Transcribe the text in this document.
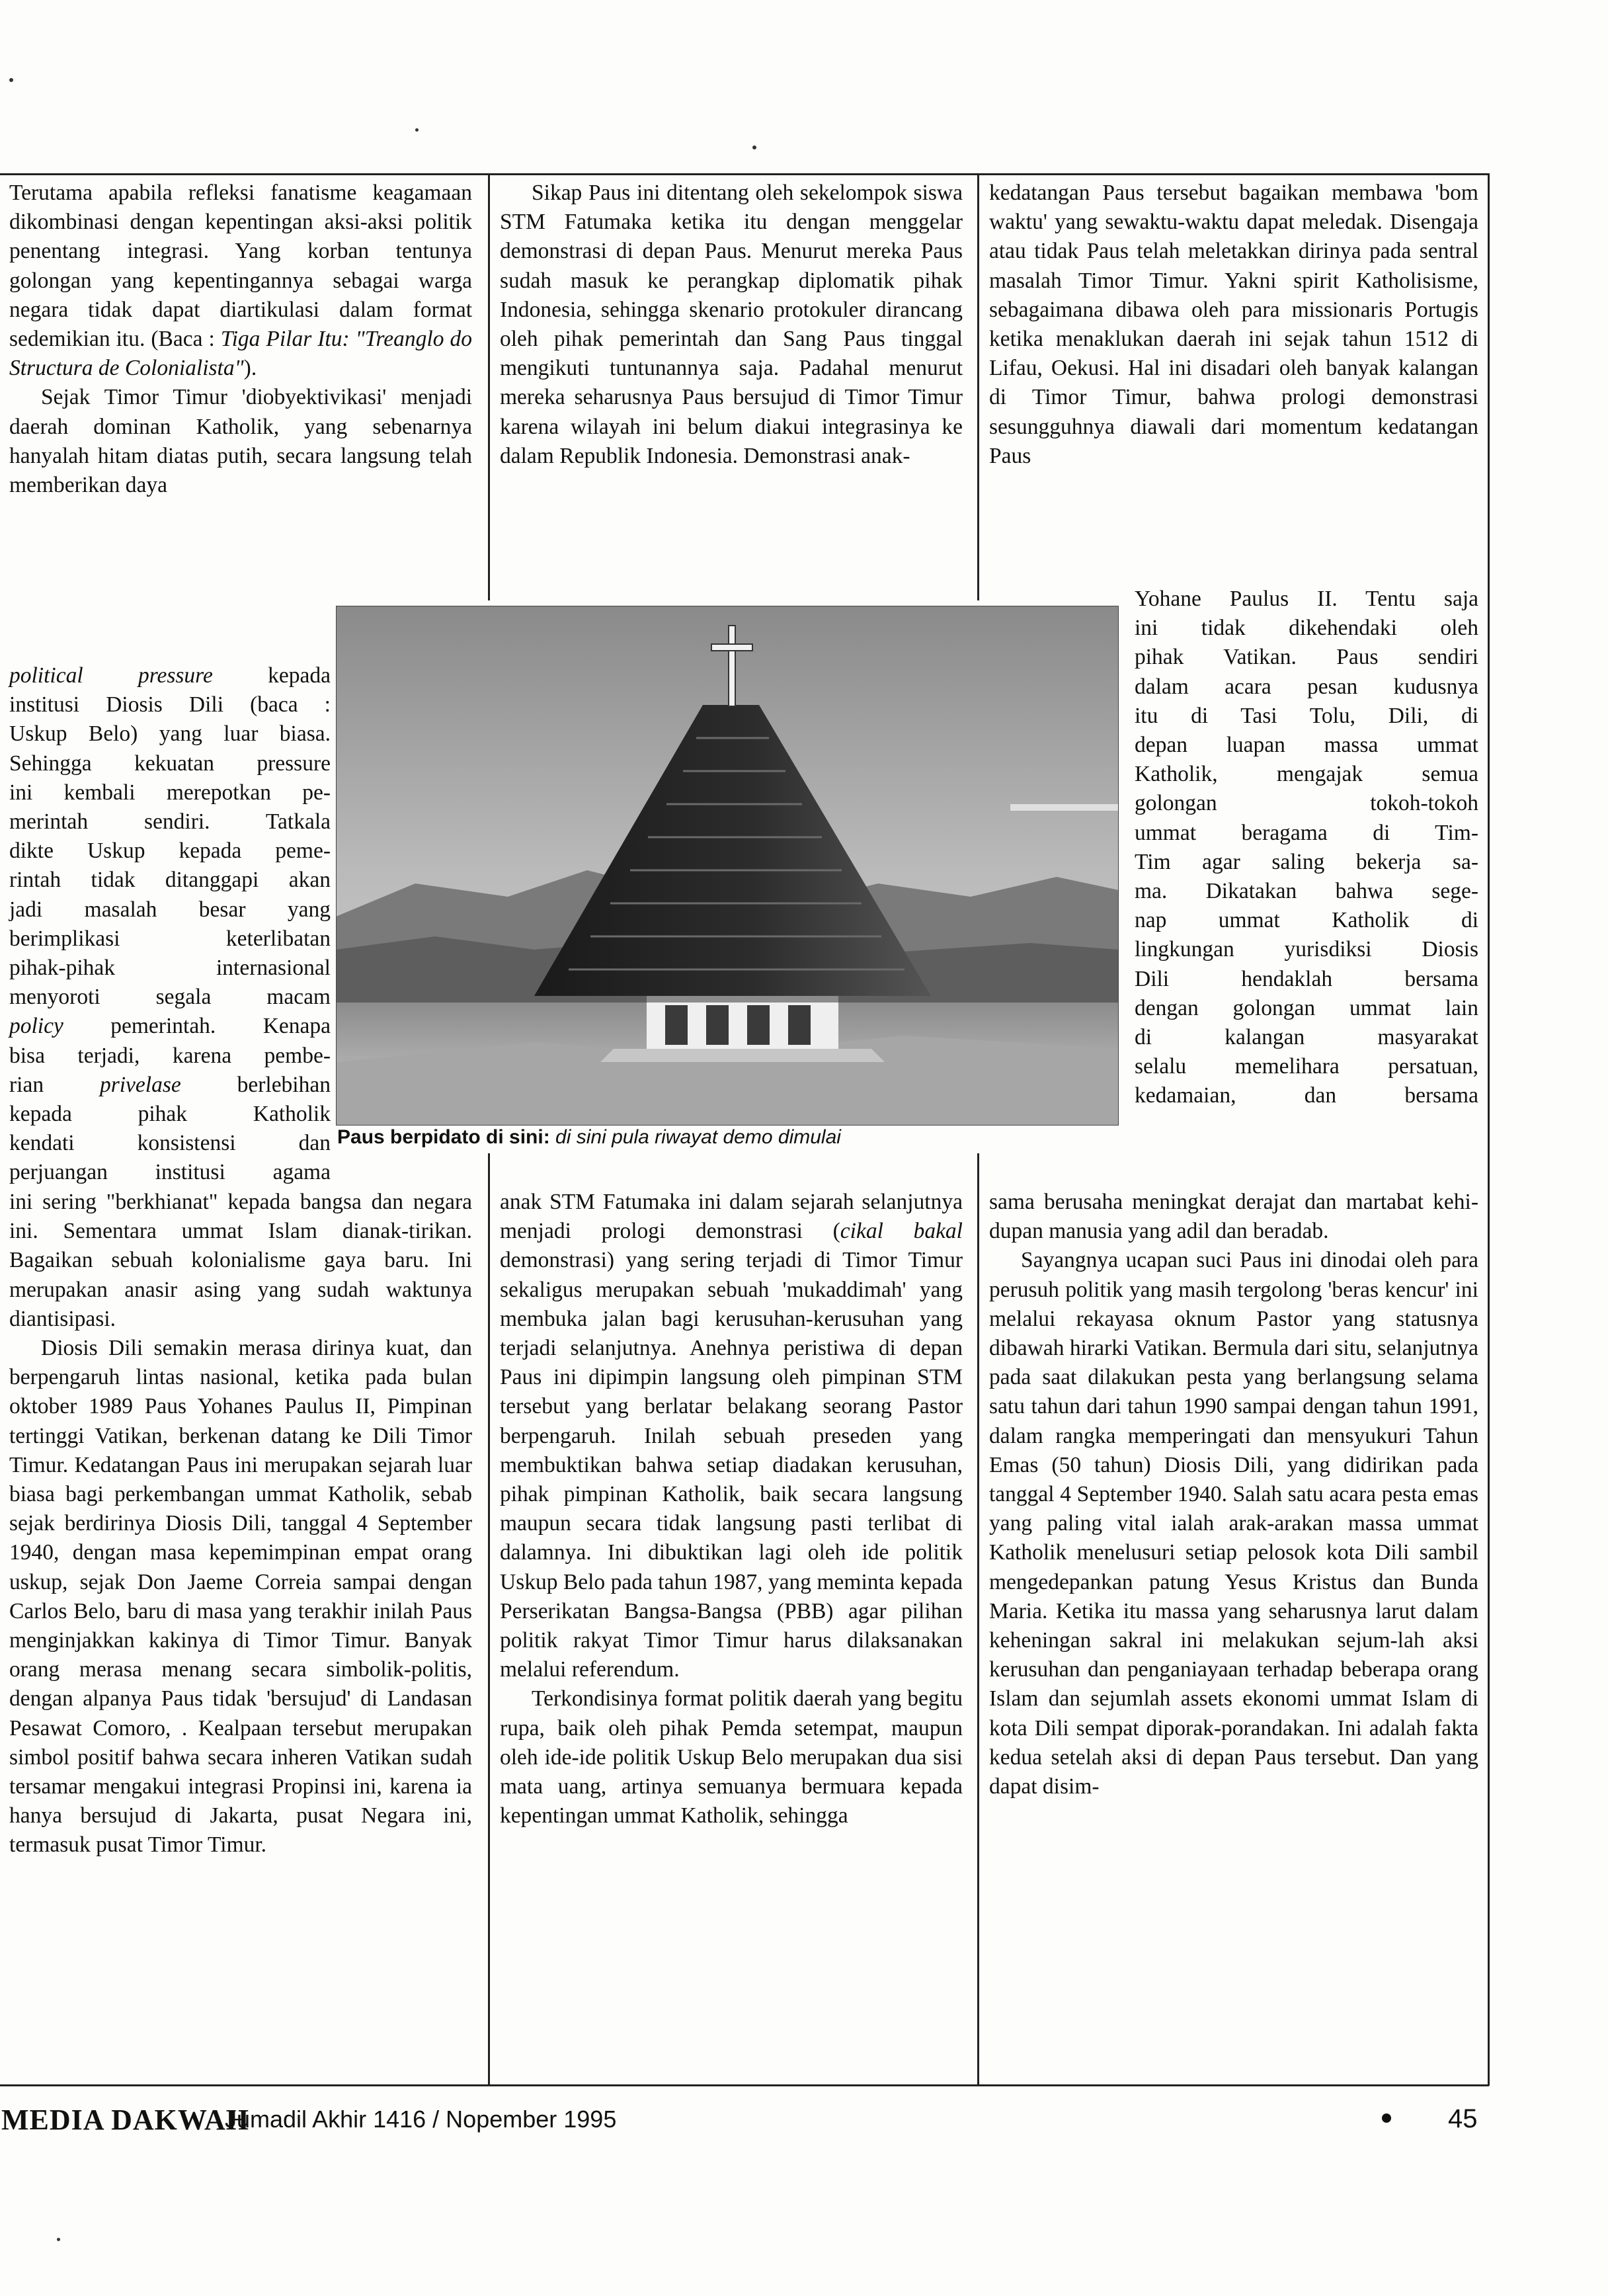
Terutama apabila refleksi fanatisme keagamaan dikombinasi dengan kepentingan aksi-aksi politik penentang integrasi. Yang korban tentunya golongan yang kepentingannya sebagai warga negara tidak dapat diartikulasi dalam format sedemikian itu. (Baca : Tiga Pilar Itu: "Treanglo do Structura de Colonialista").

Sejak Timor Timur 'diobyektivikasi' menjadi daerah dominan Katholik, yang sebenarnya hanyalah hitam diatas putih, secara langsung telah memberikan daya

political pressure kepada
institusi Diosis Dili (baca :
Uskup Belo) yang luar biasa.
Sehingga kekuatan pressure
ini kembali merepotkan pe-
merintah sendiri. Tatkala
dikte Uskup kepada peme-
rintah tidak ditanggapi akan
jadi masalah besar yang
berimplikasi keterlibatan
pihak-pihak internasional
menyoroti segala macam
policy pemerintah. Kenapa
bisa terjadi, karena pembe-
rian privelase berlebihan
kepada pihak Katholik
kendati konsistensi dan
perjuangan institusi agama

ini sering "berkhianat" kepada bangsa dan negara ini. Sementara ummat Islam dianak-tirikan. Bagaikan sebuah kolonialisme gaya baru. Ini merupakan anasir asing yang sudah waktunya diantisipasi.

Diosis Dili semakin merasa dirinya kuat, dan berpengaruh lintas nasional, ketika pada bulan oktober 1989 Paus Yohanes Paulus II, Pimpinan tertinggi Vatikan, berkenan datang ke Dili Timor Timur. Kedatangan Paus ini merupakan sejarah luar biasa bagi perkembangan ummat Katholik, sebab sejak berdirinya Diosis Dili, tanggal 4 September 1940, dengan masa kepemimpinan empat orang uskup, sejak Don Jaeme Correia sampai dengan Carlos Belo, baru di masa yang terakhir inilah Paus menginjakkan kakinya di Timor Timur. Banyak orang merasa menang secara simbolik-politis, dengan alpanya Paus tidak 'bersujud' di Landasan Pesawat Comoro, . Kealpaan tersebut merupakan simbol positif bahwa secara inheren Vatikan sudah tersamar mengakui integrasi Propinsi ini, karena ia hanya bersujud di Jakarta, pusat Negara ini, termasuk pusat Timor Timur.

Sikap Paus ini ditentang oleh sekelompok siswa STM Fatumaka ketika itu dengan menggelar demonstrasi di depan Paus. Menurut mereka Paus sudah masuk ke perangkap diplomatik pihak Indonesia, sehingga skenario protokuler dirancang oleh pihak pemerintah dan Sang Paus tinggal mengikuti tuntunannya saja. Padahal menurut mereka seharusnya Paus bersujud di Timor Timur karena wilayah ini belum diakui integrasinya ke dalam Republik Indonesia. Demonstrasi anak-

anak STM Fatumaka ini dalam sejarah selanjutnya menjadi prologi demonstrasi (cikal bakal demonstrasi) yang sering terjadi di Timor Timur sekaligus merupakan sebuah 'mukaddimah' yang membuka jalan bagi kerusuhan-kerusuhan yang terjadi selanjutnya. Anehnya peristiwa di depan Paus ini dipimpin langsung oleh pimpinan STM tersebut yang berlatar belakang seorang Pastor berpengaruh. Inilah sebuah preseden yang membuktikan bahwa setiap diadakan kerusuhan, pihak pimpinan Katholik, baik secara langsung maupun secara tidak langsung pasti terlibat di dalamnya. Ini dibuktikan lagi oleh ide politik Uskup Belo pada tahun 1987, yang meminta kepada Perserikatan Bangsa-Bangsa (PBB) agar pilihan politik rakyat Timor Timur harus dilaksanakan melalui referendum.

Terkondisinya format politik daerah yang begitu rupa, baik oleh pihak Pemda setempat, maupun oleh ide-ide politik Uskup Belo merupakan dua sisi mata uang, artinya semuanya bermuara kepada kepentingan ummat Katholik, sehingga

kedatangan Paus tersebut bagaikan membawa 'bom waktu' yang sewaktu-waktu dapat meledak. Disengaja atau tidak Paus telah meletakkan dirinya pada sentral masalah Timor Timur. Yakni spirit Katholisisme, sebagaimana dibawa oleh para missionaris Portugis ketika menaklukan daerah ini sejak tahun 1512 di Lifau, Oekusi. Hal ini disadari oleh banyak kalangan di Timor Timur, bahwa prologi demonstrasi sesungguhnya diawali dari momentum kedatangan Paus

Yohane Paulus II. Tentu saja
ini tidak dikehendaki oleh
pihak Vatikan. Paus sendiri
dalam acara pesan kudusnya
itu di Tasi Tolu, Dili, di
depan luapan massa ummat
Katholik, mengajak semua
golongan tokoh-tokoh
ummat beragama di Tim-
Tim agar saling bekerja sa-
ma. Dikatakan bahwa sege-
nap ummat Katholik di
lingkungan yurisdiksi Diosis
Dili hendaklah bersama
dengan golongan ummat lain
di kalangan masyarakat
selalu memelihara persatuan,
kedamaian, dan bersama

sama berusaha meningkat derajat dan martabat kehi-dupan manusia yang adil dan beradab.

Sayangnya ucapan suci Paus ini dinodai oleh para perusuh politik yang masih tergolong 'beras kencur' ini melalui rekayasa oknum Pastor yang statusnya dibawah hirarki Vatikan. Bermula dari situ, selanjutnya pada saat dilakukan pesta yang berlangsung selama satu tahun dari tahun 1990 sampai dengan tahun 1991, dalam rangka memperingati dan mensyukuri Tahun Emas (50 tahun) Diosis Dili, yang didirikan pada tanggal 4 September 1940. Salah satu acara pesta emas yang paling vital ialah arak-arakan massa ummat Katholik menelusuri setiap pelosok kota Dili sambil mengedepankan patung Yesus Kristus dan Bunda Maria. Ketika itu massa yang seharusnya larut dalam keheningan sakral ini melakukan sejum-lah aksi kerusuhan dan penganiayaan terhadap beberapa orang Islam dan sejumlah assets ekonomi ummat Islam di kota Dili sempat diporak-porandakan. Ini adalah fakta kedua setelah aksi di depan Paus tersebut. Dan yang dapat disim-

Paus berpidato di sini: di sini pula riwayat demo dimulai
MEDIA DAKWAH
Jumadil Akhir 1416 / Nopember 1995	45
